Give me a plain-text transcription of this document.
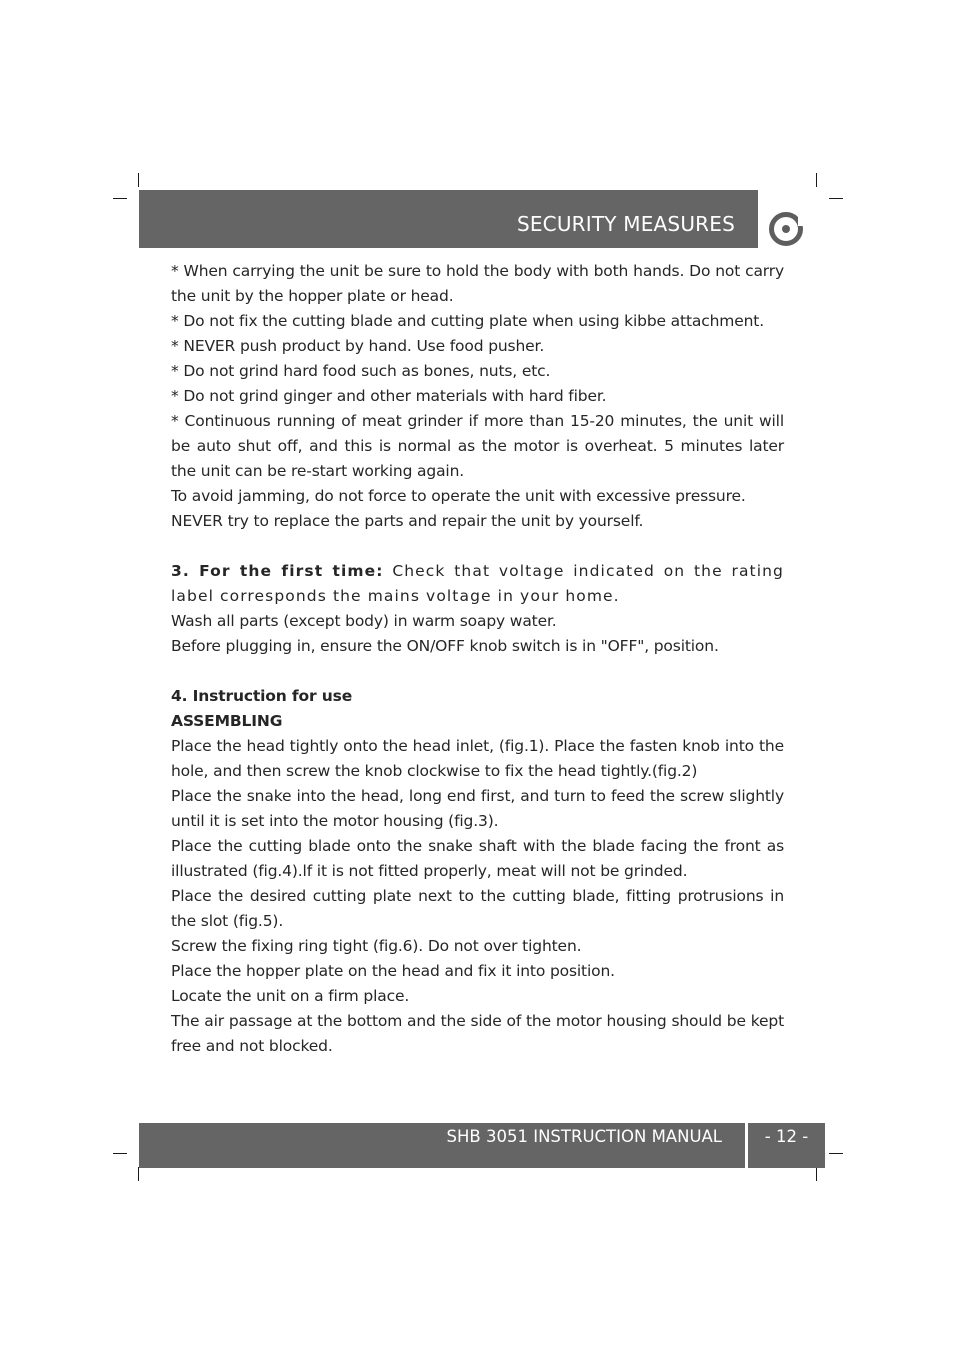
SECURITY MEASURES

* When carrying the unit be sure to hold the body with both hands. Do not carry the unit by the hopper plate or head.

* Do not fix the cutting blade and cutting plate when using kibbe attachment.

* NEVER push product by hand. Use food pusher.

* Do not grind hard food such as bones, nuts, etc.

* Do not grind ginger and other materials with hard fiber.

* Continuous running of meat grinder if more than 15-20 minutes, the unit will be auto shut off, and this is normal as the motor is overheat. 5 minutes later the unit can be re-start working again.

To avoid jamming, do not force to operate the unit with excessive pressure.

NEVER try to replace the parts and repair the unit by yourself.

3. For the first time: Check that voltage indicated on the rating label corresponds the mains voltage in your home.

Wash all parts (except body) in warm soapy water.

Before plugging in, ensure the ON/OFF knob switch is in "OFF", position.

4. Instruction for use

ASSEMBLING

Place the head tightly onto the head inlet, (fig.1). Place the fasten knob into the hole, and then screw the knob clockwise to fix the head tightly.(fig.2)

Place the snake into the head, long end first, and turn to feed the screw slightly until it is set into the motor housing (fig.3).

Place the cutting blade onto the snake shaft with the blade facing the front as illustrated (fig.4).lf it is not fitted properly, meat will not be grinded.

Place the desired cutting plate next to the cutting blade, fitting protrusions in the slot (fig.5).

Screw the fixing ring tight (fig.6). Do not over tighten.

Place the hopper plate on the head and fix it into position.

Locate the unit on a firm place.

The air passage at the bottom and the side of the motor housing should be kept free and not blocked.

SHB 3051 INSTRUCTION MANUAL	- 12 -
